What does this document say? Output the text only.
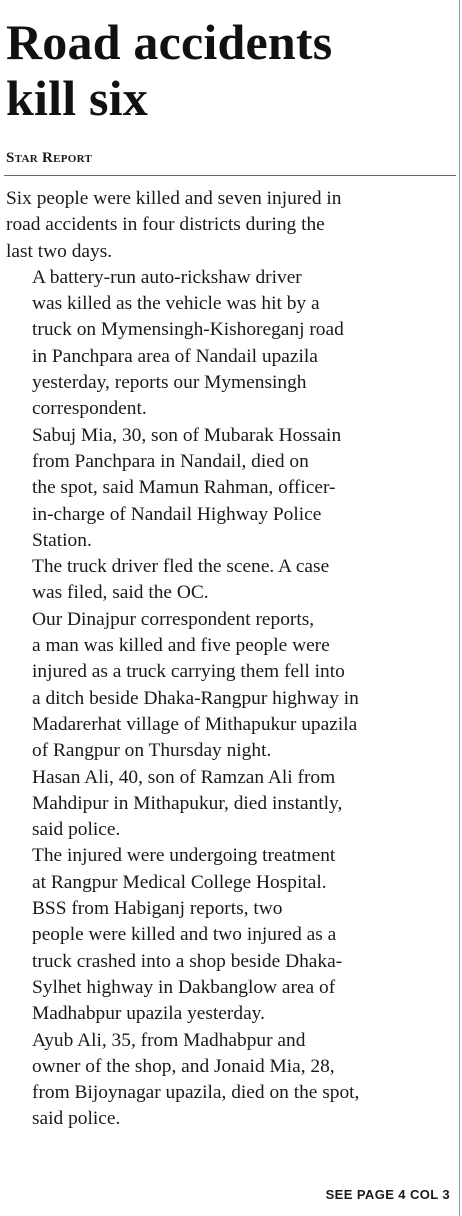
Road accidents
kill six
Star Report

Six people were killed and seven injured in
road accidents in four districts during the
last two days.

A battery-run auto-rickshaw driver
was killed as the vehicle was hit by a
truck on Mymensingh-Kishoreganj road
in Panchpara area of Nandail upazila
yesterday, reports our Mymensingh
correspondent.

Sabuj Mia, 30, son of Mubarak Hossain
from Panchpara in Nandail, died on
the spot, said Mamun Rahman, officer-
in-charge of Nandail Highway Police
Station.

The truck driver fled the scene. A case
was filed, said the OC.

Our Dinajpur correspondent reports,
a man was killed and five people were
injured as a truck carrying them fell into
a ditch beside Dhaka-Rangpur highway in
Madarerhat village of Mithapukur upazila
of Rangpur on Thursday night.

Hasan Ali, 40, son of Ramzan Ali from
Mahdipur in Mithapukur, died instantly,
said police.

The injured were undergoing treatment
at Rangpur Medical College Hospital.

BSS from Habiganj reports, two
people were killed and two injured as a
truck crashed into a shop beside Dhaka-
Sylhet highway in Dakbanglow area of
Madhabpur upazila yesterday.

Ayub Ali, 35, from Madhabpur and
owner of the shop, and Jonaid Mia, 28,
from Bijoynagar upazila, died on the spot,
said police.

SEE PAGE 4 COL 3
